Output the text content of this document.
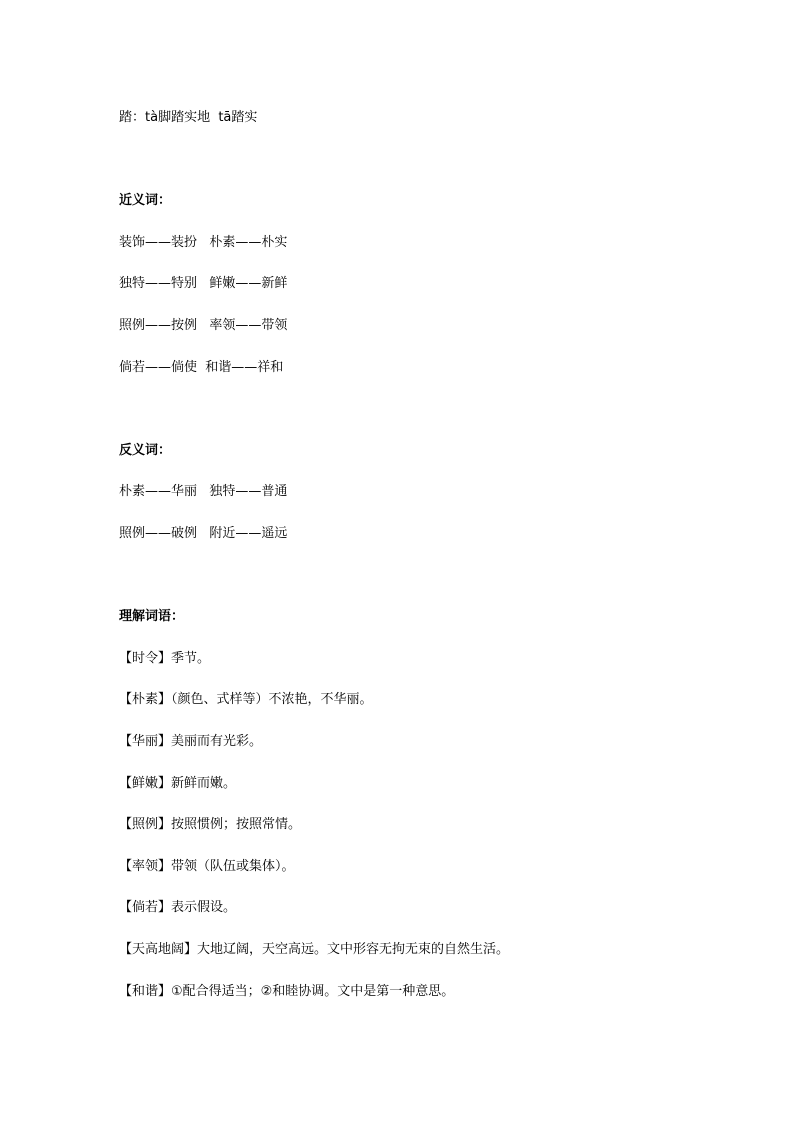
踏：tà脚踏实地  tā踏实
近义词：
装饰——装扮   朴素——朴实
独特——特别   鲜嫩——新鲜
照例——按例   率领——带领
倘若——倘使  和谐——祥和
反义词：
朴素——华丽   独特——普通
照例——破例   附近——遥远
理解词语：
【时令】季节。
【朴素】（颜色、式样等）不浓艳，不华丽。
【华丽】美丽而有光彩。
【鲜嫩】新鲜而嫩。
【照例】按照惯例；按照常情。
【率领】带领（队伍或集体）。
【倘若】表示假设。
【天高地阔】大地辽阔，天空高远。文中形容无拘无束的自然生活。
【和谐】①配合得适当；②和睦协调。文中是第一种意思。
